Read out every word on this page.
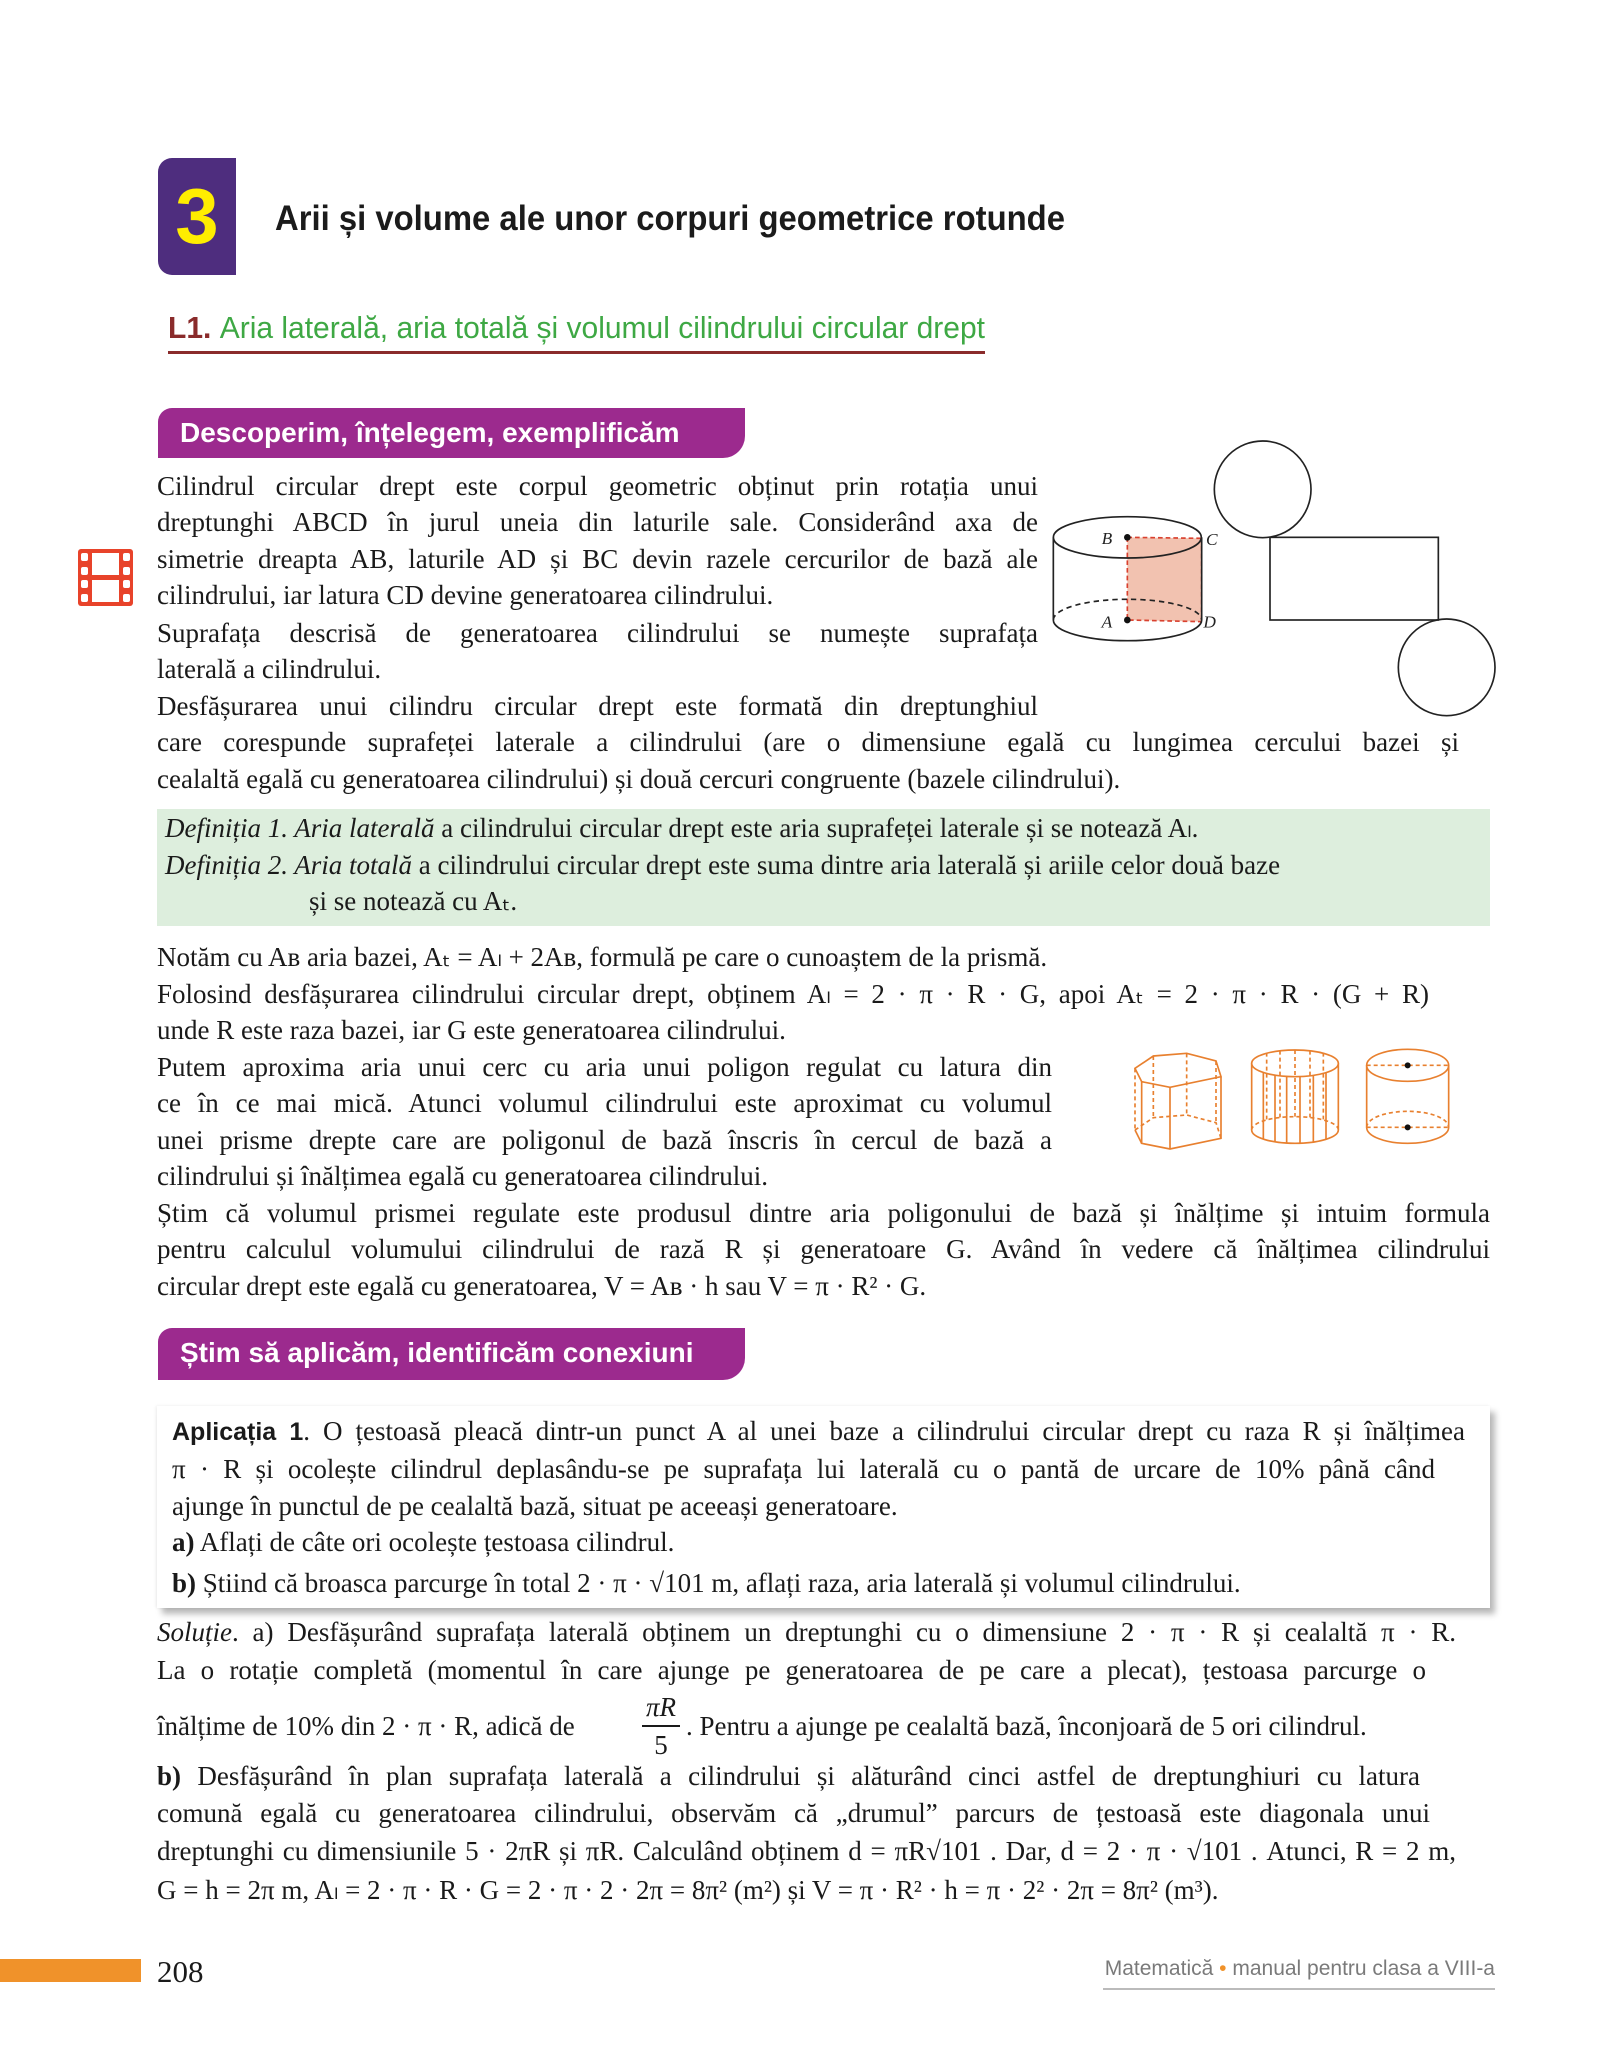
3	Arii și volume ale unor corpuri geometrice rotunde
L1. Aria laterală, aria totală și volumul cilindrului circular drept
Descoperim, înțelegem, exemplificăm
B C
A D
Cilindrul circular drept este corpul geometric obținut prin rotația unui
dreptunghi ABCD în jurul uneia din laturile sale. Considerând axa de
simetrie dreapta AB, laturile AD și BC devin razele cercurilor de bază ale
cilindrului, iar latura CD devine generatoarea cilindrului.
Suprafața descrisă de generatoarea cilindrului se numește suprafața
laterală a cilindrului.
Desfășurarea unui cilindru circular drept este formată din dreptunghiul
care corespunde suprafeței laterale a cilindrului (are o dimensiune egală cu lungimea cercului bazei și
cealaltă egală cu generatoarea cilindrului) și două cercuri congruente (bazele cilindrului).
Definiția 1. Aria laterală a cilindrului circular drept este aria suprafeței laterale și se notează Aₗ.
Definiția 2. Aria totală a cilindrului circular drept este suma dintre aria laterală și ariile celor două baze
și se notează cu Aₜ.
Notăm cu Aʙ aria bazei, Aₜ = Aₗ + 2Aʙ, formulă pe care o cunoaștem de la prismă.
Folosind desfășurarea cilindrului circular drept, obținem Aₗ = 2 · π · R · G, apoi Aₜ = 2 · π · R · (G + R)
unde R este raza bazei, iar G este generatoarea cilindrului.
Putem aproxima aria unui cerc cu aria unui poligon regulat cu latura din
ce în ce mai mică. Atunci volumul cilindrului este aproximat cu volumul
unei prisme drepte care are poligonul de bază înscris în cercul de bază a
cilindrului și înălțimea egală cu generatoarea cilindrului.
Știm că volumul prismei regulate este produsul dintre aria poligonului de bază și înălțime și intuim formula
pentru calculul volumului cilindrului de rază R și generatoare G. Având în vedere că înălțimea cilindrului
circular drept este egală cu generatoarea, V = Aʙ · h sau V = π · R² · G.
Știm să aplicăm, identificăm conexiuni
Aplicația 1. O țestoasă pleacă dintr-un punct A al unei baze a cilindrului circular drept cu raza R și înălțimea
π · R și ocolește cilindrul deplasându-se pe suprafața lui laterală cu o pantă de urcare de 10% până când
ajunge în punctul de pe cealaltă bază, situat pe aceeași generatoare.
a) Aflați de câte ori ocolește țestoasa cilindrul.
b) Știind că broasca parcurge în total 2 · π · √101 m, aflați raza, aria laterală și volumul cilindrului.
Soluție. a) Desfășurând suprafața laterală obținem un dreptunghi cu o dimensiune 2 · π · R și cealaltă π · R.
La o rotație completă (momentul în care ajunge pe generatoarea de pe care a plecat), țestoasa parcurge o
înălțime de 10% din 2 · π · R, adică de
πR
5
. Pentru a ajunge pe cealaltă bază, înconjoară de 5 ori cilindrul.
b) Desfășurând în plan suprafața laterală a cilindrului și alăturând cinci astfel de dreptunghiuri cu latura
comună egală cu generatoarea cilindrului, observăm că „drumul” parcurs de țestoasă este diagonala unui
dreptunghi cu dimensiunile 5 · 2πR și πR. Calculând obținem d = πR√101 . Dar, d = 2 · π · √101 . Atunci, R = 2 m,
G = h = 2π m, Aₗ = 2 · π · R · G = 2 · π · 2 · 2π = 8π² (m²) și V = π · R² · h = π · 2² · 2π = 8π² (m³).
208	Matematică • manual pentru clasa a VIII-a
